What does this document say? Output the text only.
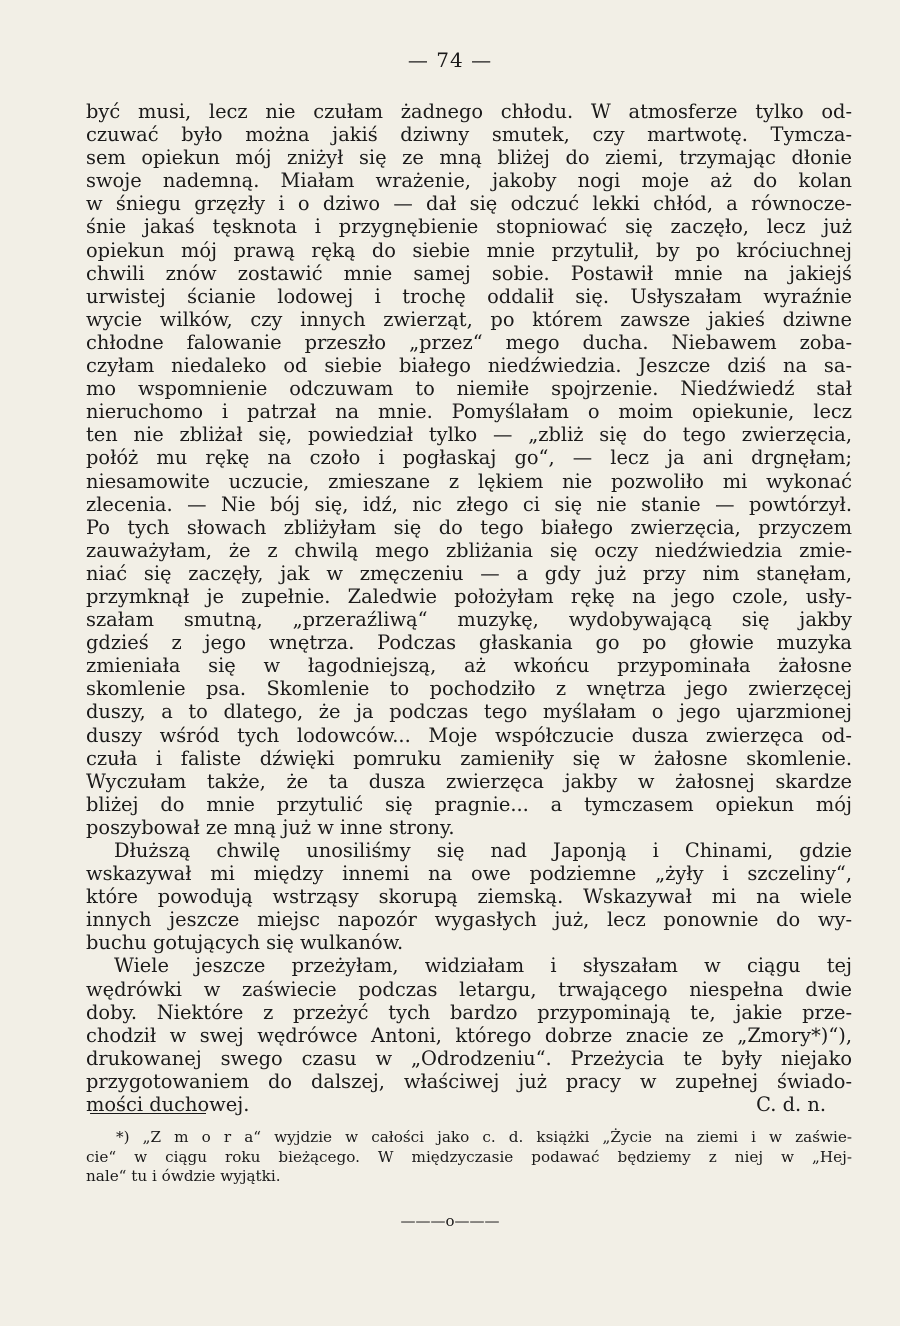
— 74 —
być musi, lecz nie czułam żadnego chłodu. W atmosferze tylko od-
czuwać było można jakiś dziwny smutek, czy martwotę. Tymcza-
sem opiekun mój zniżył się ze mną bliżej do ziemi, trzymając dłonie
swoje nademną. Miałam wrażenie, jakoby nogi moje aż do kolan
w śniegu grzęzły i o dziwo — dał się odczuć lekki chłód, a równocze-
śnie jakaś tęsknota i przygnębienie stopniować się zaczęło, lecz już
opiekun mój prawą ręką do siebie mnie przytulił, by po króciuchnej
chwili znów zostawić mnie samej sobie. Postawił mnie na jakiejś
urwistej ścianie lodowej i trochę oddalił się. Usłyszałam wyraźnie
wycie wilków, czy innych zwierząt, po którem zawsze jakieś dziwne
chłodne falowanie przeszło „przez“ mego ducha. Niebawem zoba-
czyłam niedaleko od siebie białego niedźwiedzia. Jeszcze dziś na sa-
mo wspomnienie odczuwam to niemiłe spojrzenie. Niedźwiedź stał
nieruchomo i patrzał na mnie. Pomyślałam o moim opiekunie, lecz
ten nie zbliżał się, powiedział tylko — „zbliż się do tego zwierzęcia,
połóż mu rękę na czoło i pogłaskaj go“, — lecz ja ani drgnęłam;
niesamowite uczucie, zmieszane z lękiem nie pozwoliło mi wykonać
zlecenia. — Nie bój się, idź, nic złego ci się nie stanie — powtórzył.
Po tych słowach zbliżyłam się do tego białego zwierzęcia, przyczem
zauważyłam, że z chwilą mego zbliżania się oczy niedźwiedzia zmie-
niać się zaczęły, jak w zmęczeniu — a gdy już przy nim stanęłam,
przymknął je zupełnie. Zaledwie położyłam rękę na jego czole, usły-
szałam smutną, „przeraźliwą“ muzykę, wydobywającą się jakby
gdzieś z jego wnętrza. Podczas głaskania go po głowie muzyka
zmieniała się w łagodniejszą, aż wkońcu przypominała żałosne
skomlenie psa. Skomlenie to pochodziło z wnętrza jego zwierzęcej
duszy, a to dlatego, że ja podczas tego myślałam o jego ujarzmionej
duszy wśród tych lodowców... Moje współczucie dusza zwierzęca od-
czuła i faliste dźwięki pomruku zamieniły się w żałosne skomlenie.
Wyczułam także, że ta dusza zwierzęca jakby w żałosnej skardze
bliżej do mnie przytulić się pragnie... a tymczasem opiekun mój
poszybował ze mną już w inne strony.
Dłuższą chwilę unosiliśmy się nad Japonją i Chinami, gdzie
wskazywał mi między innemi na owe podziemne „żyły i szczeliny“,
które powodują wstrząsy skorupą ziemską. Wskazywał mi na wiele
innych jeszcze miejsc napozór wygasłych już, lecz ponownie do wy-
buchu gotujących się wulkanów.
Wiele jeszcze przeżyłam, widziałam i słyszałam w ciągu tej
wędrówki w zaświecie podczas letargu, trwającego niespełna dwie
doby. Niektóre z przeżyć tych bardzo przypominają te, jakie prze-
chodził w swej wędrówce Antoni, którego dobrze znacie ze „Zmory*)“),
drukowanej swego czasu w „Odrodzeniu“. Przeżycia te były niejako
przygotowaniem do dalszej, właściwej już pracy w zupełnej świado-
mości duchowej.	C. d. n.
*) „Z m o r a“ wyjdzie w całości jako c. d. książki „Życie na ziemi i w zaświe-
cie“ w ciągu roku bieżącego. W międzyczasie podawać będziemy z niej w „Hej-
nale“ tu i ówdzie wyjątki.
———o———
